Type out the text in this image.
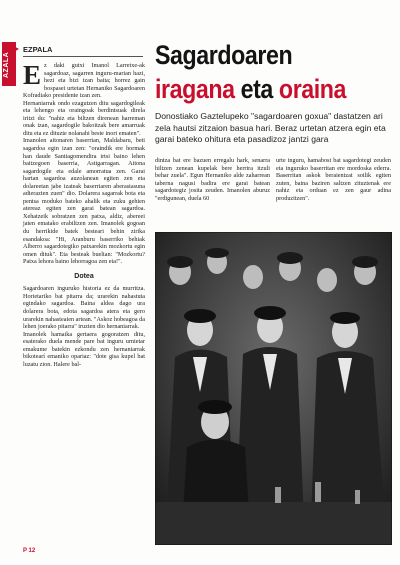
AZALA
EZPALA	Sagardoaren
iragana eta oraina
Donostiako Gaztelupeko "sagardoaren goxua" dastatzen ari zela hautsi zitzaion basua hari. Beraz urtetan atzera egin eta garai bateko ohitura eta pasadizoz jantzi gara

Ez daki gutxi Imanol Larretxe-ak sagardoaz, sagarren inguru-marian hazi, hezi eta bizi izan baita; horrez gain bospasei urtetan Hernaniko Sagardoaren Kofradiako presidente izan zen.

Hernaniarrak ondo ezagutzen ditu sagardogileak eta lehengo eta oraingoak berdintsuak direla iritzi du: "nahiz eta biltzen direnean harreman onak izan, sagardogile bakoitzak bere amarruak ditu eta ez dituzte nolanahi beste inori ematen".

Imanolen aitonaren baserrian, Maldabaru, beti sagardoa egin izan zen: "oraindik ere hormak han daude Santiagomendira irtsi baino lehen baitzegoen baserria, Astigarragan. Aitona sagardogile eta edale amorratua zen. Garai hartan sagardoa auzolanean egiten zen eta dolareetan jabe izateak baserriaren aberastasuna adierazten zuen" dio. Dolarera sagarrak bota eta pentsa moduko bateko ahalik eta zuku gehien atereaz egiten zen garai batean sagardoa. Xehatzeik sobratzen zen patxa, aldiz, abereei jaten ematako erabiltzen zen. Imanolek gogoan du herrikide batek besteari behin zirika esandakoa: "Hi, Aranburu baserriko behiak Alberro sagardotegiko patxarekin mozkortu egin omen dituk". Eta besteak bueltan: "Mozkortu? Patxa lehora baino lehorragoa zen eta!".

Dotea

Sagardoaren inguruko historia ez da murritza. Horietariko bat pitarra da; urarekin nahastuta egindako sagardoa. Baina aldea dago ura dolarera bota, edota sagardoa atera eta gero urarekin nahasteaien artean. "Askoz hobeagoa da lehen joerako pitarra" iruzten dio hernaniarrak.

Imanolek hamaika gertaera gogoratzen ditu, esaterako duela mende pare bat inguru urnietar emakume batekin ezkondu zen hernaniarrak bikotearí emaniko opariaz: "dote gisa kupel bat luzatu zion. Halere bal-

dintza bat ere bazuen erregalu hark, senarra hiltzen zenean kupelak bere herrira itzuli behar zuela". Egun Hernaniko alde zaharrean taberna nagusi badira ere garai batean sagardotegiz josita zeuden. Imanolen aburuz "erdigunean, duela 60

urte inguru, hamabost bat sagardotegi zeuden eta inguruko baserritan ere mordoska ederra. Baserritan askok beraientzat soilik egiten zuten, baina baziren saltzen zituztenak ere nahiz eta orduan ez zen gaur adina produzitzen".

P 12
